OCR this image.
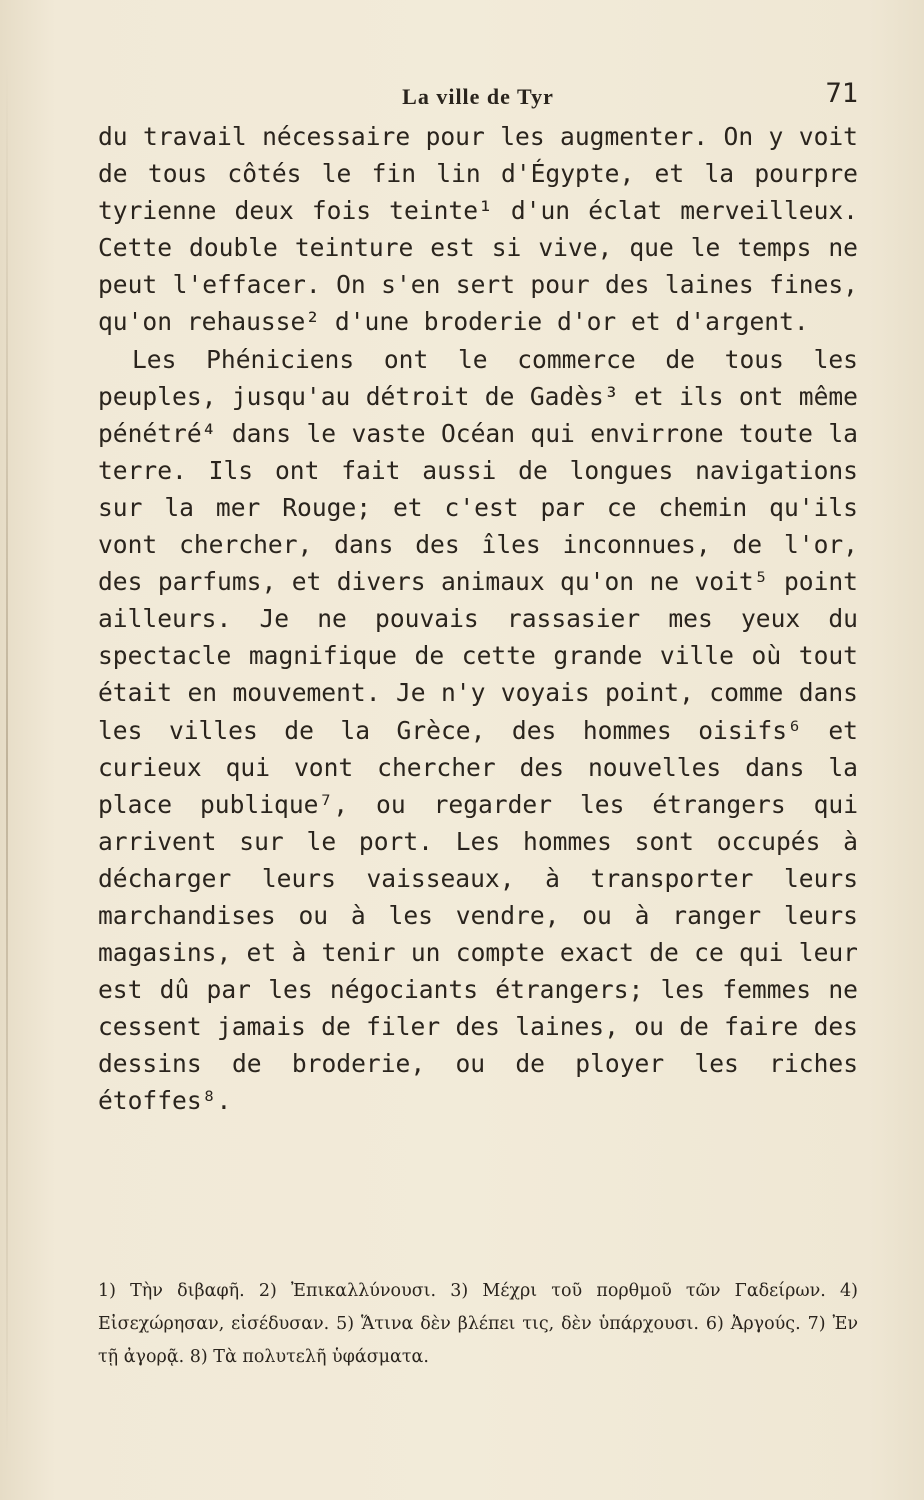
La ville de Tyr	71

du travail nécessaire pour les augmenter. On y voit de tous côtés le fin lin d'Égypte, et la pourpre tyrienne deux fois teinte¹ d'un éclat merveilleux. Cette double teinture est si vive, que le temps ne peut l'effacer. On s'en sert pour des laines fines, qu'on rehausse² d'une broderie d'or et d'argent.

Les Phéniciens ont le commerce de tous les peuples, jusqu'au détroit de Gadès³ et ils ont même pénétré⁴ dans le vaste Océan qui envirrone toute la terre. Ils ont fait aussi de longues navigations sur la mer Rouge; et c'est par ce chemin qu'ils vont chercher, dans des îles inconnues, de l'or, des parfums, et divers animaux qu'on ne voit⁵ point ailleurs. Je ne pouvais rassasier mes yeux du spectacle magnifique de cette grande ville où tout était en mouvement. Je n'y voyais point, comme dans les villes de la Grèce, des hommes oisifs⁶ et curieux qui vont chercher des nouvelles dans la place publique⁷, ou regarder les étrangers qui arrivent sur le port. Les hommes sont occupés à décharger leurs vaisseaux, à transporter leurs marchandises ou à les vendre, ou à ranger leurs magasins, et à tenir un compte exact de ce qui leur est dû par les négociants étrangers; les femmes ne cessent jamais de filer des laines, ou de faire des dessins de broderie, ou de ployer les riches étoffes⁸.

1) Τὴν διβαφῆ. 2) Ἐπικαλλύνουσι. 3) Μέχρι τοῦ πορθμοῦ τῶν Γαδείρων. 4) Εἰσεχώρησαν, εἰσέδυσαν. 5) Ἅτινα δὲν βλέπει τις, δὲν ὑπάρχουσι. 6) Ἀργούς. 7) Ἐν τῇ ἀγορᾷ. 8) Τὰ πολυτελῆ ὑφάσματα.
